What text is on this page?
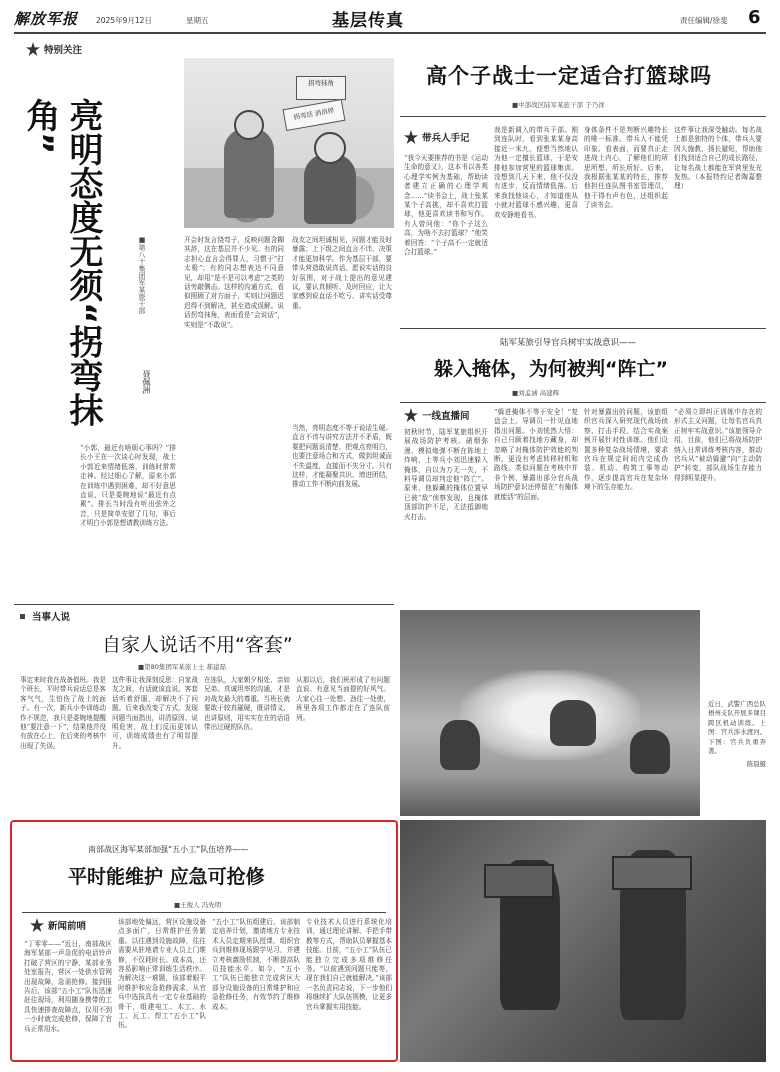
解放军报 2025年9月12日	星期五	基层传真	责任编辑/徐斐 6
特别关注
亮明态度无须“拐弯抹角”
■第八十集团军某旅干部
聂佩洲
拐弯抹角
拐弯话 消消停
“小郭，最近有啥烦心事吗？”排长小王在一次谈心时发现，战士小郭近来情绪低落，训练时常常走神。经过细心了解，原来小郭在训练中遇到困难，却不好意思直说，只是委婉地说“最近有点累”。排长当时没有听出弦外之音，只是简单安慰了几句，事后才明白小郭是想请教训练方法。
开会时发言绕弯子，反映问题含糊其辞，这在基层并不少见。有的同志担心直言会得罪人，习惯于“打太极”；有的同志想表达不同意见，却用“是不是可以考虑”之类的话旁敲侧击。这样的沟通方式，看似照顾了对方面子，实则让问题迟迟得不到解决，甚至造成误解。说话拐弯抹角，表面看是“会说话”，实则是“不敢说”。
战友之间坦诚相见，问题才能及时暴露；上下级之间直言不讳，决策才能更加科学。作为基层干部，要带头营造敢说真话、愿说实话的良好氛围，对于战士提出的意见建议，要认真倾听、及时回应，让大家感到说直话不吃亏、讲实话受尊重。
当然，亮明态度不等于说话生硬。直言不讳与讲究方法并不矛盾，既要把问题说清楚、把观点亮明白，也要注意场合和方式，做到坦诚而不失温度，直接而不失分寸。只有这样，才能凝聚共识、增进团结，推动工作不断向前发展。
高个子战士一定适合打篮球吗
■中部战区陆军某旅干部 于乃祥
带兵人手记
“我今天要推荐的书是《运动生命的意义》，这本书以各类心理学实例为基础，帮助读者建立正确的心理学观念……”读书会上，战士张某某个子高挑，却不喜欢打篮球，他更喜欢读书和写作。有人曾问他：“你个子这么高，为啥不去打篮球？”他笑着回答：“个子高不一定就适合打篮球。”
我是新调入的带兵干部。刚到连队时，看到张某某身高接近一米九，便想当然地认为他一定擅长篮球，于是安排他参加营里的篮球集训。没想到几天下来，他不仅没有进步，反而情绪低落。后来我找他谈心，才知道他从小就对篮球不感兴趣，更喜欢安静地看书。
身体条件不是判断兴趣特长的唯一标准。带兵人不能凭印象、看表面，而要真正走进战士内心，了解他们的所思所想、所长所好。后来，我根据张某某的特长，推荐他担任连队图书室管理员，他干得有声有色，还组织起了读书会。
这件事让我深受触动。每名战士都是独特的个体，带兵人要因人施教、扬长避短，帮助他们找到适合自己的成长路径，让每名战士都能在军营里发光发热。（本报特约记者陶嘉整理）
陆军某旅引导官兵树牢实战意识——
躲入掩体，为何被判“阵亡”
■刘孟涵 高建辉
一线直播间
初秋时节，陆军某旅组织开展战场防护考核。硝烟弥漫、模拟炮弹不断在阵地上炸响，上等兵小刘迅速躲入掩体，自以为万无一失，不料导调员却判定他“阵亡”。原来，他躲藏的掩体位置早已被“敌”侦察发现，且掩体顶部防护不足，无法抵御炮火打击。
“躲进掩体不等于安全！”复盘会上，导调员一针见血地指出问题。小刘恍然大悟：自己只顾着找地方藏身，却忽略了对掩体防护效能的判断，更没有考虑转移时机和路线。类似问题在考核中并非个例，暴露出部分官兵战场防护意识还停留在“有掩体就能活”的层面。
针对暴露出的问题，该旅组织官兵深入研究现代战场侦察、打击手段，结合实战案例开展针对性训练。他们设置多种复杂战场情境，要求官兵在规定时间内完成伪装、机动、构筑工事等动作，逐步提高官兵在复杂环境下的生存能力。
“必须立即纠正训练中存在的形式主义问题，让每名官兵真正树牢实战意识。”该旅领导介绍，目前，他们已将战场防护纳入日常训练考核内容，推动官兵从“被动躲避”向“主动防护”转变，部队战场生存能力得到明显提升。
当事人说
自家人说话不用“客套”
■第80集团军某旅上士 郝建磊
事定来时我在战备值班。我是个班长，平时带兵说话总是客客气气，生怕伤了战士的面子。有一次，新兵小李训练动作不规范，我只是委婉地提醒他“要注意一下”，结果他并没有放在心上，在后来的考核中出现了失误。
这件事让我深刻反思：自家战友之间，有话就该直说。客套话听着舒服，却解决不了问题。后来我改变了方式，发现问题当面指出，讲清原因、说明危害，战士们反而更加认可，训练成绩也有了明显提升。
在连队，大家朝夕相处、亲如兄弟。真诚坦率的沟通，才是对战友最大的尊重。当班长就要敢于较真碰硬，既讲情义，也讲原则，用实实在在的话语带出过硬的队伍。
从那以后，我们班形成了有问题直说、有意见当面提的好风气。大家心往一处想、劲往一处使，班里各项工作都走在了连队前列。
近日，武警广西总队梧州支队开展多课目跨区机动训练。上图：官兵涉水渡河。下图：官兵负重奔袭。

陈晨摄
南部战区海军某部加强“五小工”队伍培养——
平时能维护 应急可抢修
■王俊人 冯先明
新闻前哨
“丁零零——”近日，南部战区海军某部一声急促的电话铃声打破了营区的宁静，某部业务处室报告，营区一处供水管网出现故障，急需抢修。接到报告后，该部“五小工”队伍迅速赶往现场，利用随身携带的工具快速排查故障点，仅用不到一小时就完成抢修，保障了官兵正常用水。
该部地处偏远，营区设施设备点多面广，日常维护任务繁重。以往遇到设施故障，往往需要从驻地请专业人员上门维修，不仅耗时长、成本高，还容易影响正常训练生活秩序。为解决这一难题，该部着眼平时维护和应急抢修需求，从官兵中选拔具有一定专业基础的骨干，组建电工、木工、水工、瓦工、焊工“五小工”队伍。
“五小工”队伍组建后，该部制定培养计划，邀请地方专业技术人员定期来队授课，组织官兵到维修现场跟学见习，并建立考核激励机制，不断提高队员技能水平。如今，“五小工”队伍已能独立完成营区大部分设施设备的日常维护和应急抢修任务，有效节约了维修成本。
专业技术人员进行系统化培训，通过理论讲解、手把手带教等方式，帮助队员掌握基本技能。目前，“五小工”队伍已能独立完成多项维修任务。“以前遇到问题只能等，现在我们自己就能解决。”该部一名负责同志说，下一步他们将继续扩大队伍规模，让更多官兵掌握实用技能。
